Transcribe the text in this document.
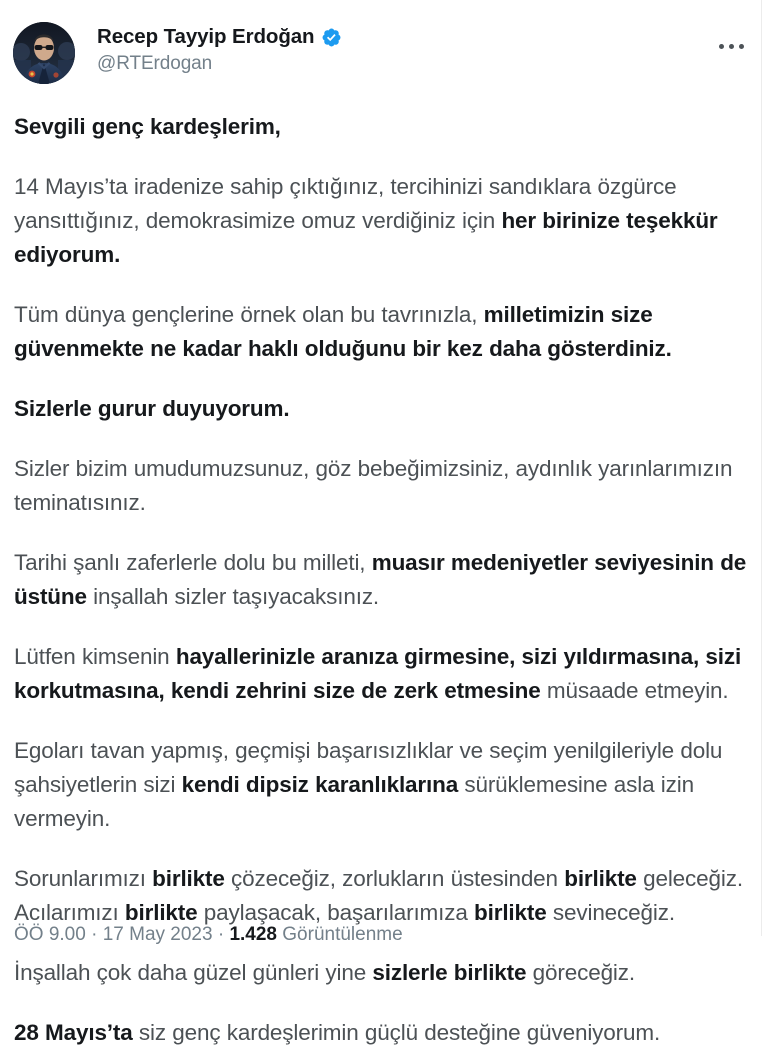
Recep Tayyip Erdoğan
@RTErdogan
Sevgili genç kardeşlerim,
14 Mayıs’ta iradenize sahip çıktığınız, tercihinizi sandıklara özgürce yansıttığınız, demokrasimize omuz verdiğiniz için her birinize teşekkür ediyorum.
Tüm dünya gençlerine örnek olan bu tavrınızla, milletimizin size güvenmekte ne kadar haklı olduğunu bir kez daha gösterdiniz.
Sizlerle gurur duyuyorum.
Sizler bizim umudumuzsunuz, göz bebeğimizsiniz, aydınlık yarınlarımızın teminatısınız.
Tarihi şanlı zaferlerle dolu bu milleti, muasır medeniyetler seviyesinin de üstüne inşallah sizler taşıyacaksınız.
Lütfen kimsenin hayallerinizle aranıza girmesine, sizi yıldırmasına, sizi korkutmasına, kendi zehrini size de zerk etmesine müsaade etmeyin.
Egoları tavan yapmış, geçmişi başarısızlıklar ve seçim yenilgileriyle dolu şahsiyetlerin sizi kendi dipsiz karanlıklarına sürüklemesine asla izin vermeyin.
Sorunlarımızı birlikte çözeceğiz, zorlukların üstesinden birlikte geleceğiz. Acılarımızı birlikte paylaşacak, başarılarımıza birlikte sevineceğiz.
İnşallah çok daha güzel günleri yine sizlerle birlikte göreceğiz.
28 Mayıs’ta siz genç kardeşlerimin güçlü desteğine güveniyorum.
ÖÖ 9.00 · 17 May 2023 · 1.428 Görüntülenme
